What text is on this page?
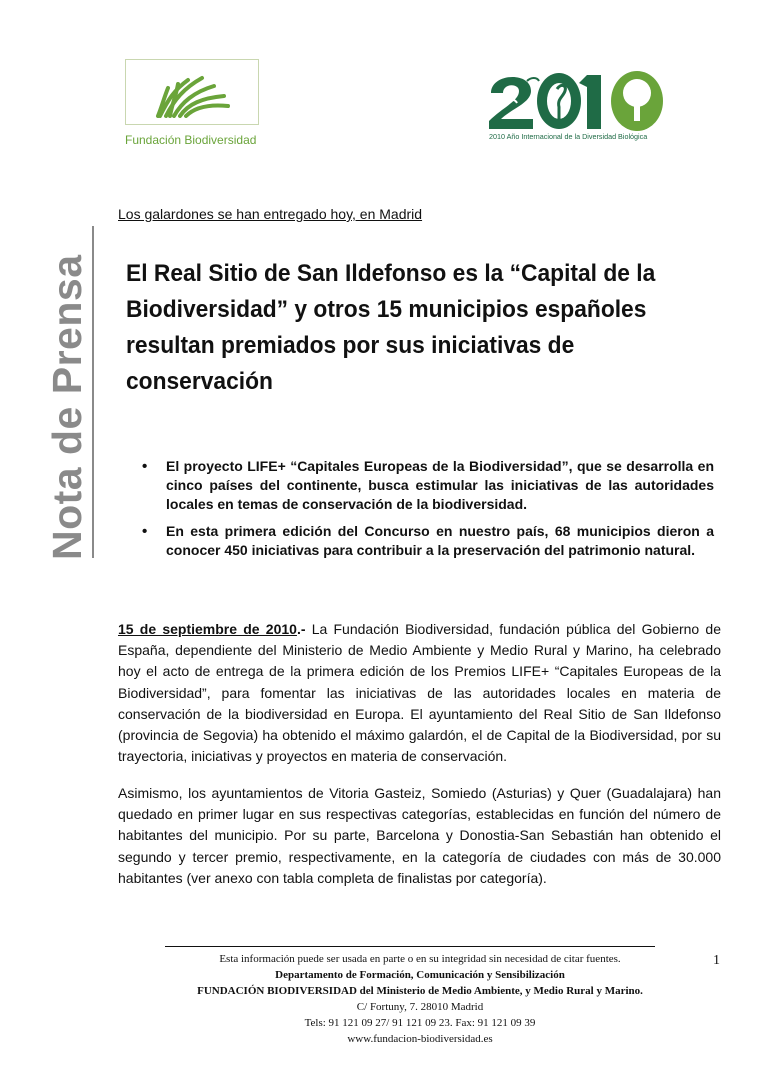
Fundación Biodiversidad	2010 Año Internacional de la Diversidad Biológica
Nota de Prensa
Los galardones se han entregado hoy, en Madrid
El Real Sitio de San Ildefonso es la “Capital de la Biodiversidad” y otros 15 municipios españoles resultan premiados por sus iniciativas de conservación
• El proyecto LIFE+ “Capitales Europeas de la Biodiversidad”, que se desarrolla en cinco países del continente, busca estimular las iniciativas de las autoridades locales en temas de conservación de la biodiversidad.
• En esta primera edición del Concurso en nuestro país, 68 municipios dieron a conocer 450 iniciativas para contribuir a la preservación del patrimonio natural.

15 de septiembre de 2010.- La Fundación Biodiversidad, fundación pública del Gobierno de España, dependiente del Ministerio de Medio Ambiente y Medio Rural y Marino, ha celebrado hoy el acto de entrega de la primera edición de los Premios LIFE+ “Capitales Europeas de la Biodiversidad”, para fomentar las iniciativas de las autoridades locales en materia de conservación de la biodiversidad en Europa. El ayuntamiento del Real Sitio de San Ildefonso (provincia de Segovia) ha obtenido el máximo galardón, el de Capital de la Biodiversidad, por su trayectoria, iniciativas y proyectos en materia de conservación.

Asimismo, los ayuntamientos de Vitoria Gasteiz, Somiedo (Asturias) y Quer (Guadalajara) han quedado en primer lugar en sus respectivas categorías, establecidas en función del número de habitantes del municipio. Por su parte, Barcelona y Donostia-San Sebastián han obtenido el segundo y tercer premio, respectivamente, en la categoría de ciudades con más de 30.000 habitantes (ver anexo con tabla completa de finalistas por categoría).

Esta información puede ser usada en parte o en su integridad sin necesidad de citar fuentes.
Departamento de Formación, Comunicación y Sensibilización
FUNDACIÓN BIODIVERSIDAD del Ministerio de Medio Ambiente, y Medio Rural y Marino.
C/ Fortuny, 7. 28010 Madrid
Tels: 91 121 09 27/ 91 121 09 23. Fax: 91 121 09 39
www.fundacion-biodiversidad.es
1
